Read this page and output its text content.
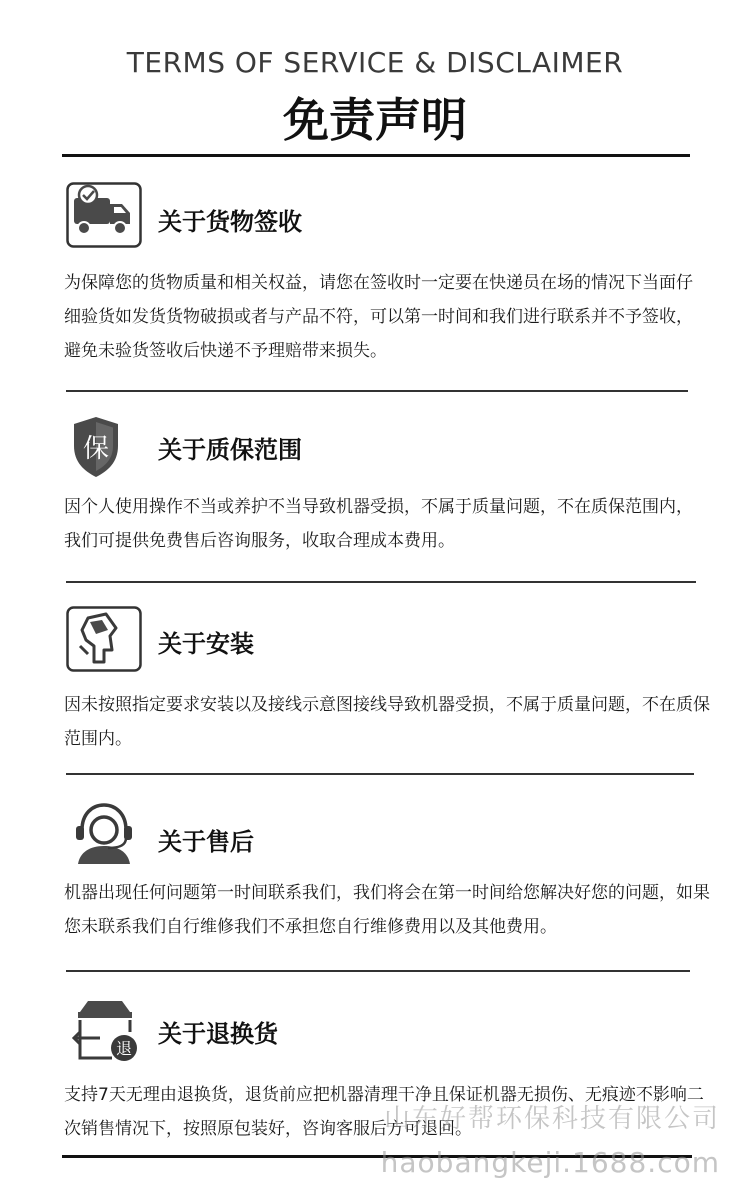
TERMS OF SERVICE & DISCLAIMER
免责声明
关于货物签收
为保障您的货物质量和相关权益，请您在签收时一定要在快递员在场的情况下当面仔细验货如发货货物破损或者与产品不符，可以第一时间和我们进行联系并不予签收，避免未验货签收后快递不予理赔带来损失。
保 关于质保范围
因个人使用操作不当或养护不当导致机器受损，不属于质量问题，不在质保范围内，我们可提供免费售后咨询服务，收取合理成本费用。
关于安装
因未按照指定要求安装以及接线示意图接线导致机器受损，不属于质量问题，不在质保范围内。
关于售后
机器出现任何问题第一时间联系我们，我们将会在第一时间给您解决好您的问题，如果您未联系我们自行维修我们不承担您自行维修费用以及其他费用。
退
关于退换货
支持7天无理由退换货，退货前应把机器清理干净且保证机器无损伤、无痕迹不影响二次销售情况下，按照原包装好，咨询客服后方可退回。
山东好帮环保科技有限公司
haobangkeji.1688.com
